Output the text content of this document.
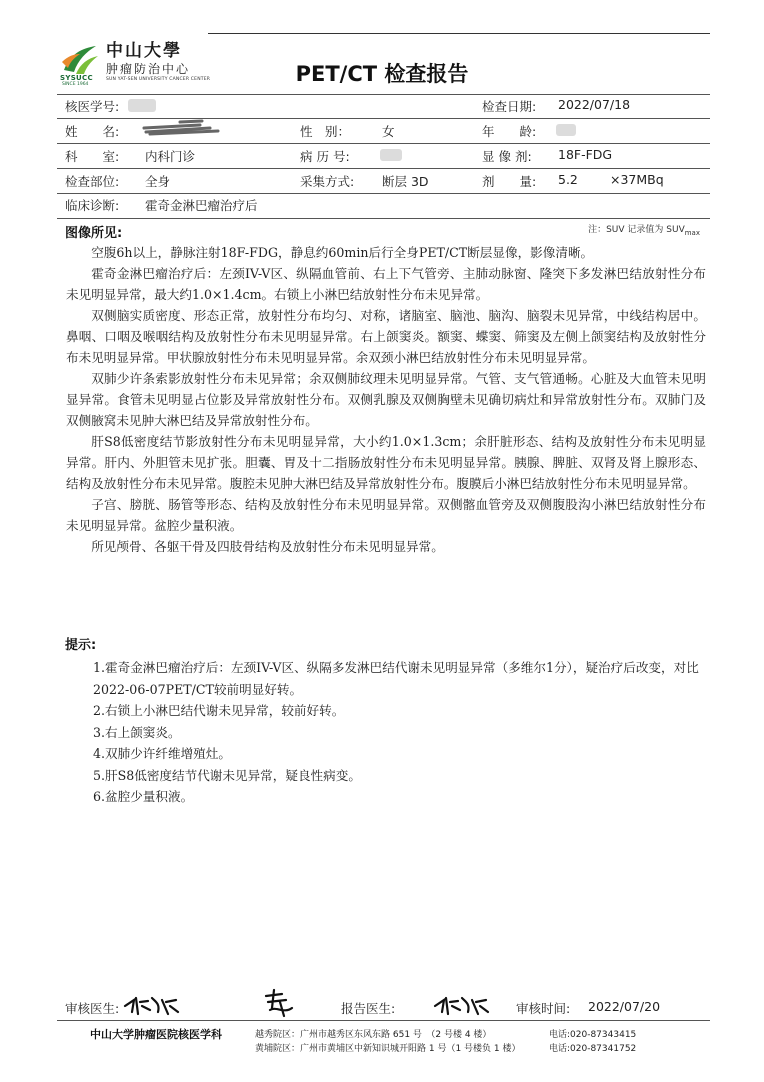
SYSUCC
SINCE 1964
中山大學
肿瘤防治中心
SUN YAT-SEN UNIVERSITY CANCER CENTER	PET/CT 检查报告
核医学号:	检查日期: 2022/07/18
姓　　名:	性　别：	女	年　　龄:
科　　室: 内科门诊	病 历 号:	显 像 剂: 18F-FDG
检查部位: 全身	采集方式: 断层 3D	剂　　量: 5.2	×37MBq
临床诊断: 霍奇金淋巴瘤治疗后
图像所见:	注：SUV 记录值为 $SUV_{max}$

空腹6h以上，静脉注射18F-FDG，静息约60min后行全身PET/CT断层显像，影像清晰。

霍奇金淋巴瘤治疗后：左颈IV-V区、纵隔血管前、右上下气管旁、主肺动脉窗、隆突下多发淋巴结放射性分布未见明显异常，最大约1.0×1.4cm。右锁上小淋巴结放射性分布未见异常。

双侧脑实质密度、形态正常，放射性分布均匀、对称，诸脑室、脑池、脑沟、脑裂未见异常，中线结构居中。鼻咽、口咽及喉咽结构及放射性分布未见明显异常。右上颌窦炎。额窦、蝶窦、筛窦及左侧上颌窦结构及放射性分布未见明显异常。甲状腺放射性分布未见明显异常。余双颈小淋巴结放射性分布未见明显异常。

双肺少许条索影放射性分布未见异常；余双侧肺纹理未见明显异常。气管、支气管通畅。心脏及大血管未见明显异常。食管未见明显占位影及异常放射性分布。双侧乳腺及双侧胸壁未见确切病灶和异常放射性分布。双肺门及双侧腋窝未见肿大淋巴结及异常放射性分布。

肝S8低密度结节影放射性分布未见明显异常，大小约1.0×1.3cm；余肝脏形态、结构及放射性分布未见明显异常。肝内、外胆管未见扩张。胆囊、胃及十二指肠放射性分布未见明显异常。胰腺、脾脏、双肾及肾上腺形态、结构及放射性分布未见异常。腹腔未见肿大淋巴结及异常放射性分布。腹膜后小淋巴结放射性分布未见明显异常。

子宫、膀胱、肠管等形态、结构及放射性分布未见明显异常。双侧髂血管旁及双侧腹股沟小淋巴结放射性分布未见明显异常。盆腔少量积液。

所见颅骨、各躯干骨及四肢骨结构及放射性分布未见明显异常。

提示:

1.霍奇金淋巴瘤治疗后：左颈IV-V区、纵隔多发淋巴结代谢未见明显异常（多维尔1分），疑治疗后改变，对比2022-06-07PET/CT较前明显好转。

2.右锁上小淋巴结代谢未见异常，较前好转。

3.右上颌窦炎。

4.双肺少许纤维增殖灶。

5.肝S8低密度结节代谢未见异常，疑良性病变。

6.盆腔少量积液。

审核医生:	报告医生:	审核时间: 2022/07/20
中山大学肿瘤医院核医学科	越秀院区：广州市越秀区东风东路 651 号　（2 号楼 4 楼）
黄埔院区：广州市黄埔区中新知识城开阳路 1 号（1 号楼负 1 楼）
电话:020-87343415
电话:020-87341752
